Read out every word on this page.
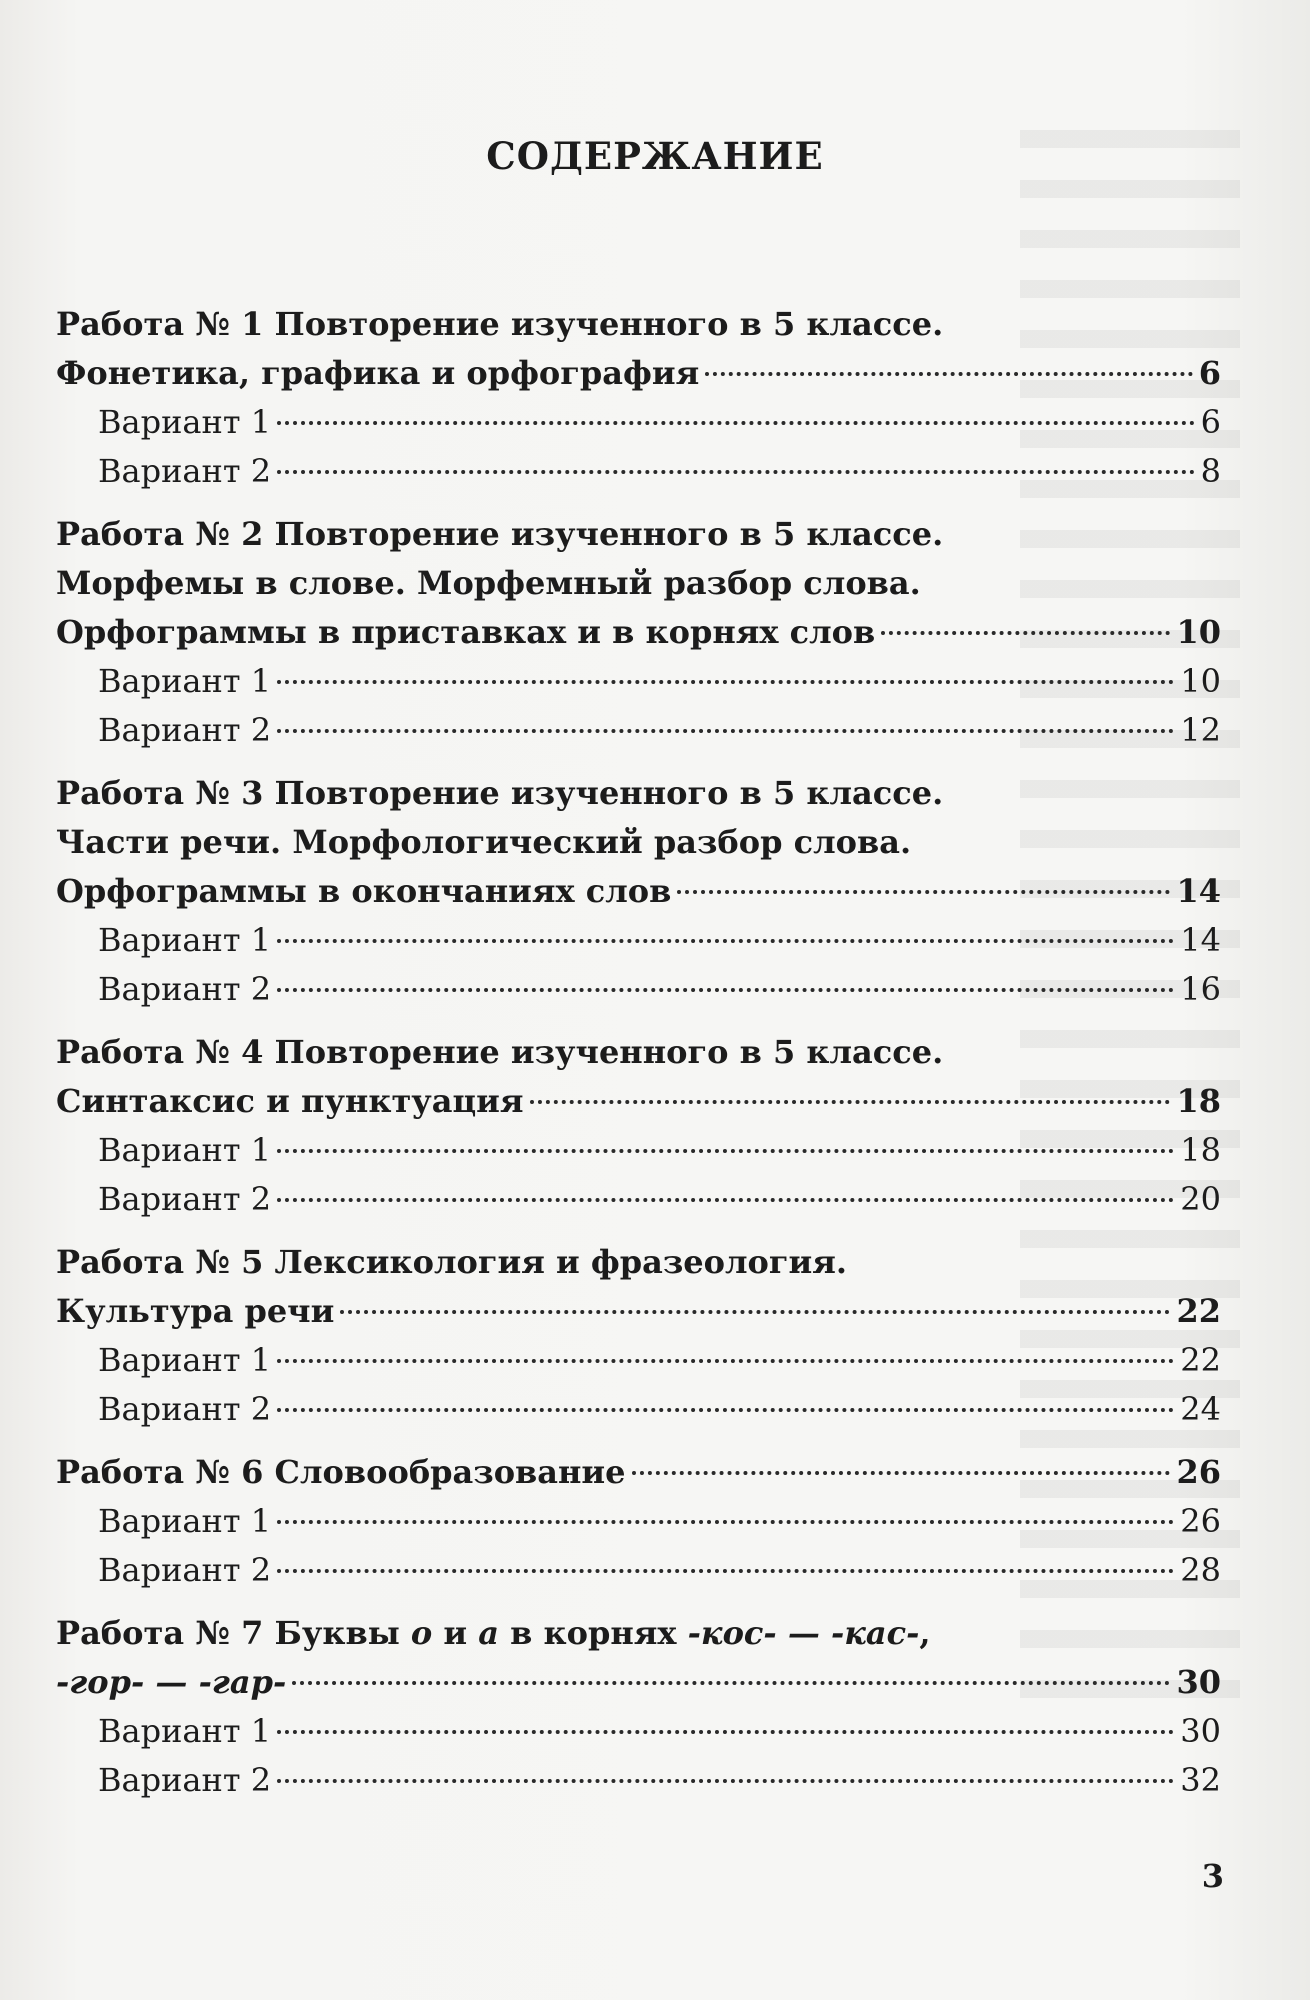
СОДЕРЖАНИЕ
Работа № 1 Повторение изученного в 5 классе.
Фонетика, графика и орфография	6
Вариант 1	6
Вариант 2	8
Работа № 2 Повторение изученного в 5 классе.
Морфемы в слове. Морфемный разбор слова.
Орфограммы в приставках и в корнях слов	10
Вариант 1	10
Вариант 2	12
Работа № 3 Повторение изученного в 5 классе.
Части речи. Морфологический разбор слова.
Орфограммы в окончаниях слов	14
Вариант 1	14
Вариант 2	16
Работа № 4 Повторение изученного в 5 классе.
Синтаксис и пунктуация	18
Вариант 1	18
Вариант 2	20
Работа № 5 Лексикология и фразеология.
Культура речи	22
Вариант 1	22
Вариант 2	24
Работа № 6 Словообразование	26
Вариант 1	26
Вариант 2	28
Работа № 7 Буквы о и а в корнях -кос- — -кас-,
-гор- — -гар-	30
Вариант 1	30
Вариант 2	32
3
